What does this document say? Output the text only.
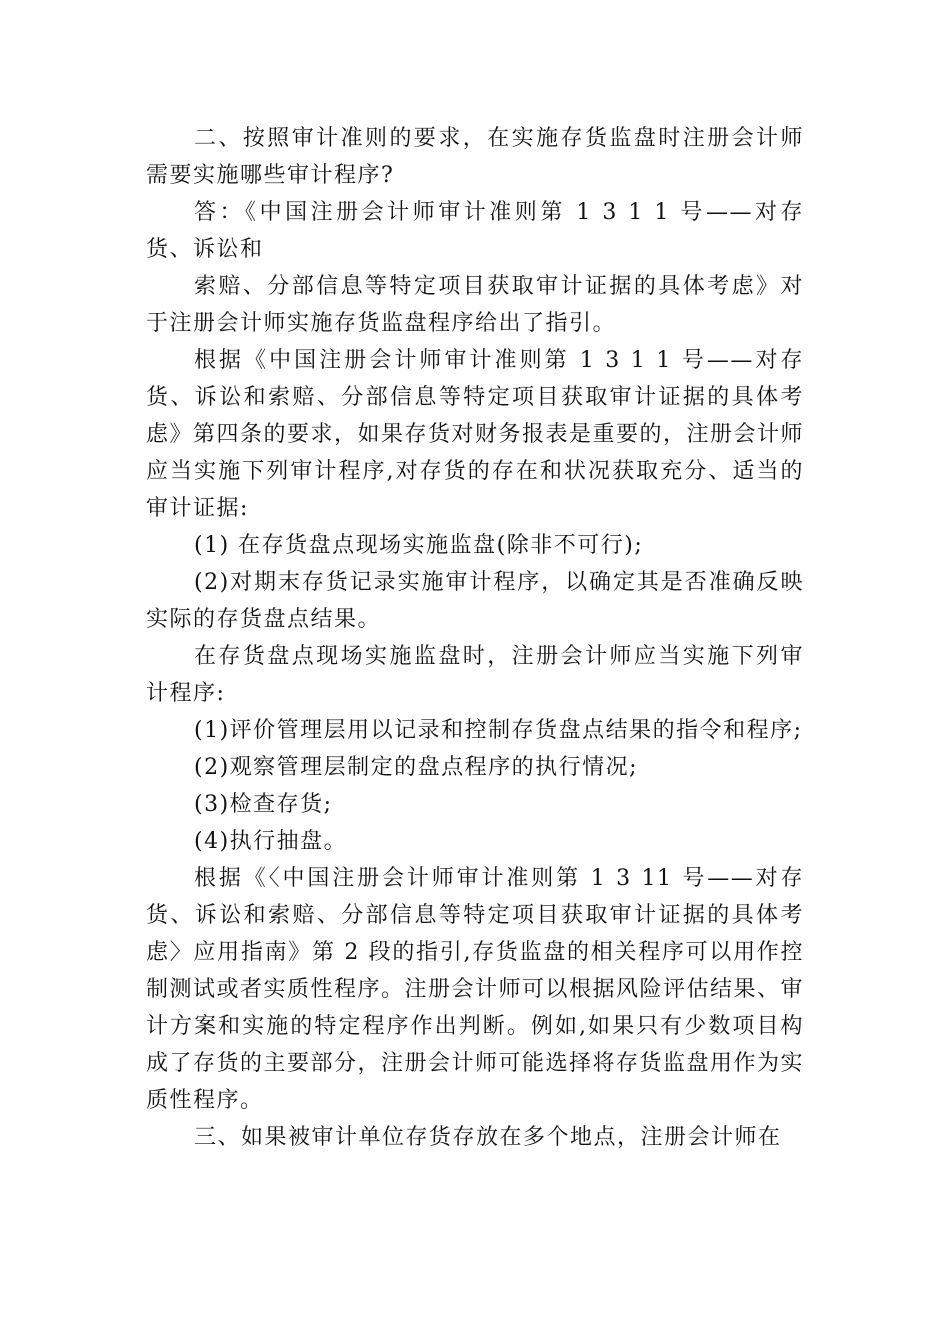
二、按照审计准则的要求，在实施存货监盘时注册会计师需要实施哪些审计程序?

答：《中国注册会计师审计准则第 1 3 1 1 号——对存货、诉讼和

索赔、分部信息等特定项目获取审计证据的具体考虑》对于注册会计师实施存货监盘程序给出了指引。

根据《中国注册会计师审计准则第 1 3 1 1 号——对存货、诉讼和索赔、分部信息等特定项目获取审计证据的具体考虑》第四条的要求，如果存货对财务报表是重要的，注册会计师应当实施下列审计程序,对存货的存在和状况获取充分、适当的审计证据:

(1) 在存货盘点现场实施监盘(除非不可行);

(2)对期末存货记录实施审计程序，以确定其是否准确反映实际的存货盘点结果。

在存货盘点现场实施监盘时，注册会计师应当实施下列审计程序:

(1)评价管理层用以记录和控制存货盘点结果的指令和程序;

(2)观察管理层制定的盘点程序的执行情况;

(3)检查存货;

(4)执行抽盘。

根据《〈中国注册会计师审计准则第 1 3 11 号——对存货、诉讼和索赔、分部信息等特定项目获取审计证据的具体考虑〉应用指南》第 2 段的指引,存货监盘的相关程序可以用作控制测试或者实质性程序。注册会计师可以根据风险评估结果、审计方案和实施的特定程序作出判断。例如,如果只有少数项目构成了存货的主要部分，注册会计师可能选择将存货监盘用作为实质性程序。

三、如果被审计单位存货存放在多个地点，注册会计师在
